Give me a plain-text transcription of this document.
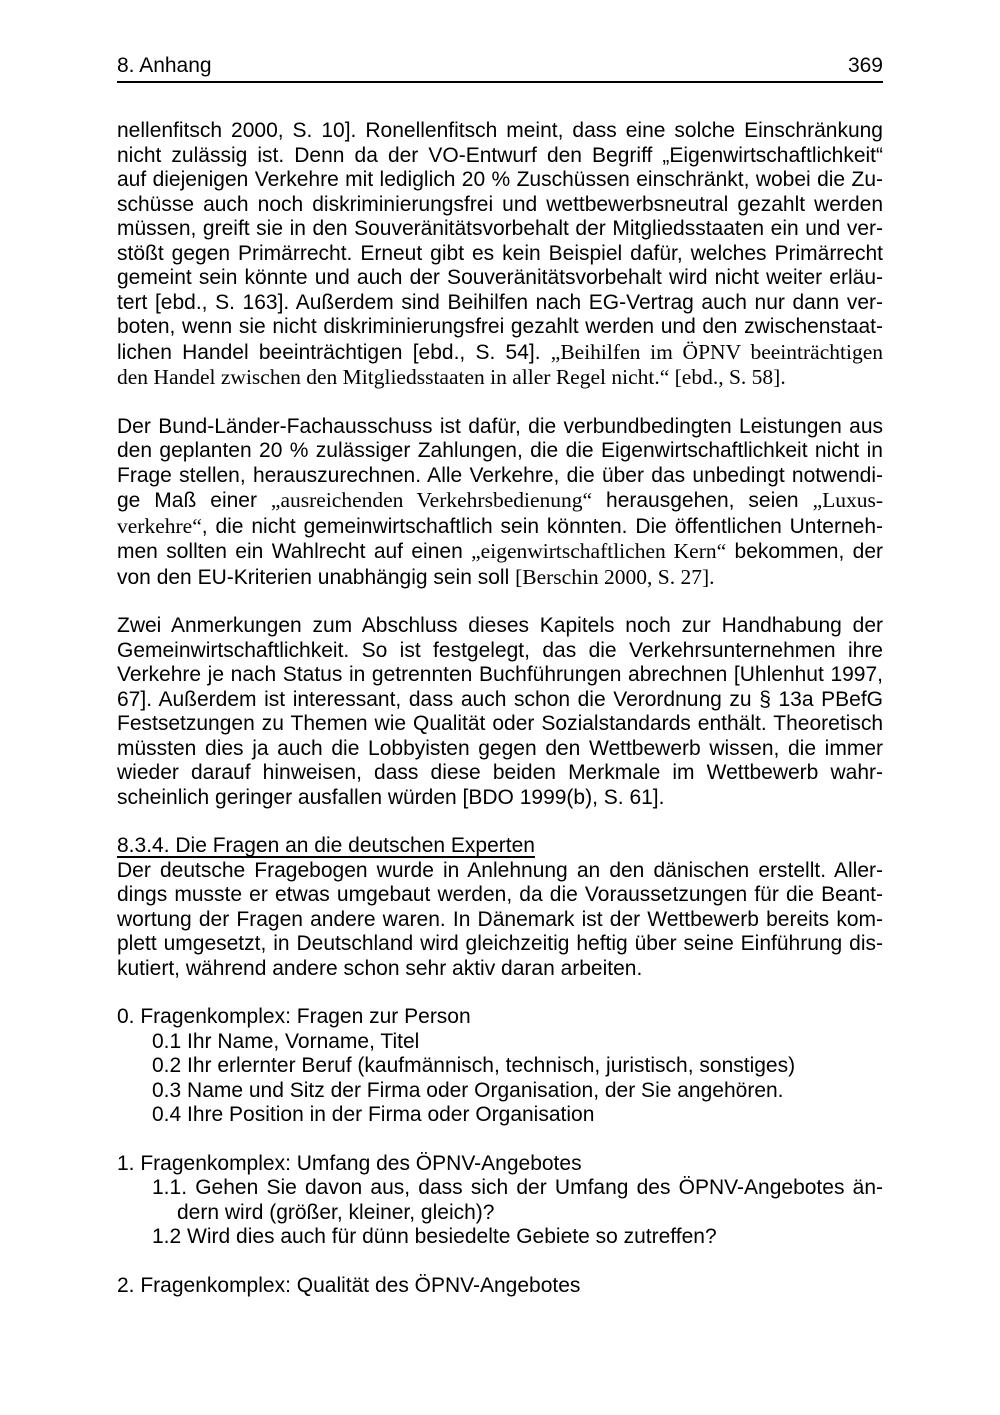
8. Anhang	369
nellenfitsch 2000, S. 10]. Ronellenfitsch meint, dass eine solche Einschränkung
nicht zulässig ist. Denn da der VO-Entwurf den Begriff „Eigenwirtschaftlichkeit“
auf diejenigen Verkehre mit lediglich 20 % Zuschüssen einschränkt, wobei die Zu-
schüsse auch noch diskriminierungsfrei und wettbewerbsneutral gezahlt werden
müssen, greift sie in den Souveränitätsvorbehalt der Mitgliedsstaaten ein und ver-
stößt gegen Primärrecht. Erneut gibt es kein Beispiel dafür, welches Primärrecht
gemeint sein könnte und auch der Souveränitätsvorbehalt wird nicht weiter erläu-
tert [ebd., S. 163]. Außerdem sind Beihilfen nach EG-Vertrag auch nur dann ver-
boten, wenn sie nicht diskriminierungsfrei gezahlt werden und den zwischenstaat-
lichen Handel beeinträchtigen [ebd., S. 54]. „Beihilfen im ÖPNV beeinträchtigen
den Handel zwischen den Mitgliedsstaaten in aller Regel nicht.“ [ebd., S. 58].
Der Bund-Länder-Fachausschuss ist dafür, die verbundbedingten Leistungen aus
den geplanten 20 % zulässiger Zahlungen, die die Eigenwirtschaftlichkeit nicht in
Frage stellen, herauszurechnen. Alle Verkehre, die über das unbedingt notwendi-
ge Maß einer „ausreichenden Verkehrsbedienung“ herausgehen, seien „Luxus-
verkehre“, die nicht gemeinwirtschaftlich sein könnten. Die öffentlichen Unterneh-
men sollten ein Wahlrecht auf einen „eigenwirtschaftlichen Kern“ bekommen, der
von den EU-Kriterien unabhängig sein soll [Berschin 2000, S. 27].
Zwei Anmerkungen zum Abschluss dieses Kapitels noch zur Handhabung der
Gemeinwirtschaftlichkeit. So ist festgelegt, das die Verkehrsunternehmen ihre
Verkehre je nach Status in getrennten Buchführungen abrechnen [Uhlenhut 1997,
67]. Außerdem ist interessant, dass auch schon die Verordnung zu § 13a PBefG
Festsetzungen zu Themen wie Qualität oder Sozialstandards enthält. Theoretisch
müssten dies ja auch die Lobbyisten gegen den Wettbewerb wissen, die immer
wieder darauf hinweisen, dass diese beiden Merkmale im Wettbewerb wahr-
scheinlich geringer ausfallen würden [BDO 1999(b), S. 61].
8.3.4. Die Fragen an die deutschen Experten
Der deutsche Fragebogen wurde in Anlehnung an den dänischen erstellt. Aller-
dings musste er etwas umgebaut werden, da die Voraussetzungen für die Beant-
wortung der Fragen andere waren. In Dänemark ist der Wettbewerb bereits kom-
plett umgesetzt, in Deutschland wird gleichzeitig heftig über seine Einführung dis-
kutiert, während andere schon sehr aktiv daran arbeiten.
0. Fragenkomplex: Fragen zur Person
0.1 Ihr Name, Vorname, Titel
0.2 Ihr erlernter Beruf (kaufmännisch, technisch, juristisch, sonstiges)
0.3 Name und Sitz der Firma oder Organisation, der Sie angehören.
0.4 Ihre Position in der Firma oder Organisation
1. Fragenkomplex: Umfang des ÖPNV-Angebotes
1.1. Gehen Sie davon aus, dass sich der Umfang des ÖPNV-Angebotes än-
dern wird (größer, kleiner, gleich)?
1.2 Wird dies auch für dünn besiedelte Gebiete so zutreffen?
2. Fragenkomplex: Qualität des ÖPNV-Angebotes
